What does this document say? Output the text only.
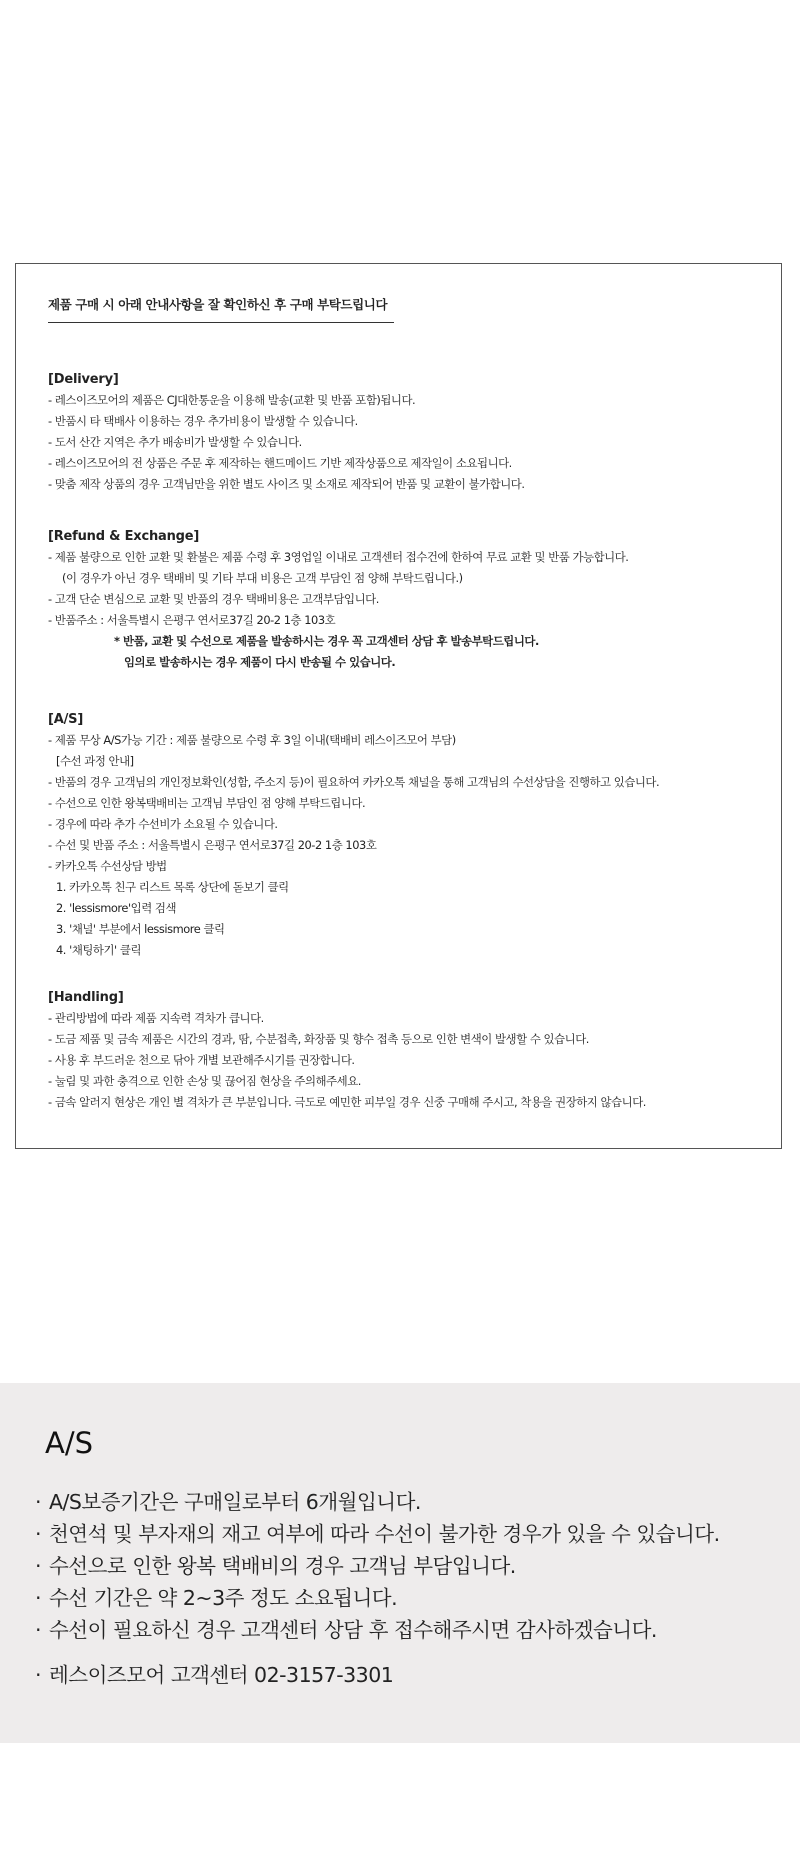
제품 구매 시 아래 안내사항을 잘 확인하신 후 구매 부탁드립니다
[Delivery]
- 레스이즈모어의 제품은 CJ대한통운을 이용해 발송(교환 및 반품 포함)됩니다.
- 반품시 타 택배사 이용하는 경우 추가비용이 발생할 수 있습니다.
- 도서 산간 지역은 추가 배송비가 발생할 수 있습니다.
- 레스이즈모어의 전 상품은 주문 후 제작하는 핸드메이드 기반 제작상품으로 제작일이 소요됩니다.
- 맞춤 제작 상품의 경우 고객님만을 위한 별도 사이즈 및 소재로 제작되어 반품 및 교환이 불가합니다.
[Refund & Exchange]
- 제품 불량으로 인한 교환 및 환불은 제품 수령 후 3영업일 이내로 고객센터 접수건에 한하여 무료 교환 및 반품 가능합니다.
(이 경우가 아닌 경우 택배비 및 기타 부대 비용은 고객 부담인 점 양해 부탁드립니다.)
- 고객 단순 변심으로 교환 및 반품의 경우 택배비용은 고객부담입니다.
- 반품주소 : 서울특별시 은평구 연서로37길 20-2 1층 103호
* 반품, 교환 및 수선으로 제품을 발송하시는 경우 꼭 고객센터 상담 후 발송부탁드립니다.
임의로 발송하시는 경우 제품이 다시 반송될 수 있습니다.
[A/S]
- 제품 무상 A/S가능 기간 : 제품 불량으로 수령 후 3일 이내(택배비 레스이즈모어 부담)
[수선 과정 안내]
- 반품의 경우 고객님의 개인정보확인(성함, 주소지 등)이 필요하여 카카오톡 채널을 통해 고객님의 수선상담을 진행하고 있습니다.
- 수선으로 인한 왕복택배비는 고객님 부담인 점 양해 부탁드립니다.
- 경우에 따라 추가 수선비가 소요될 수 있습니다.
- 수선 및 반품 주소 : 서울특별시 은평구 연서로37길 20-2 1층 103호
- 카카오톡 수선상담 방법
1. 카카오톡 친구 리스트 목록 상단에 돋보기 클릭
2. 'lessismore'입력 검색
3. '채널' 부분에서 lessismore 클릭
4. '채팅하기' 클릭
[Handling]
- 관리방법에 따라 제품 지속력 격차가 큽니다.
- 도금 제품 및 금속 제품은 시간의 경과, 땀, 수분접촉, 화장품 및 향수 접촉 등으로 인한 변색이 발생할 수 있습니다.
- 사용 후 부드러운 천으로 닦아 개별 보관해주시기를 권장합니다.
- 눌림 및 과한 충격으로 인한 손상 및 끊어짐 현상을 주의해주세요.
- 금속 알러지 현상은 개인 별 격차가 큰 부분입니다. 극도로 예민한 피부일 경우 신중 구매해 주시고, 착용을 권장하지 않습니다.
A/S
· A/S보증기간은 구매일로부터 6개월입니다.
· 천연석 및 부자재의 재고 여부에 따라 수선이 불가한 경우가 있을 수 있습니다.
· 수선으로 인한 왕복 택배비의 경우 고객님 부담입니다.
· 수선 기간은 약 2~3주 정도 소요됩니다.
· 수선이 필요하신 경우 고객센터 상담 후 접수해주시면 감사하겠습니다.
· 레스이즈모어 고객센터 02-3157-3301
